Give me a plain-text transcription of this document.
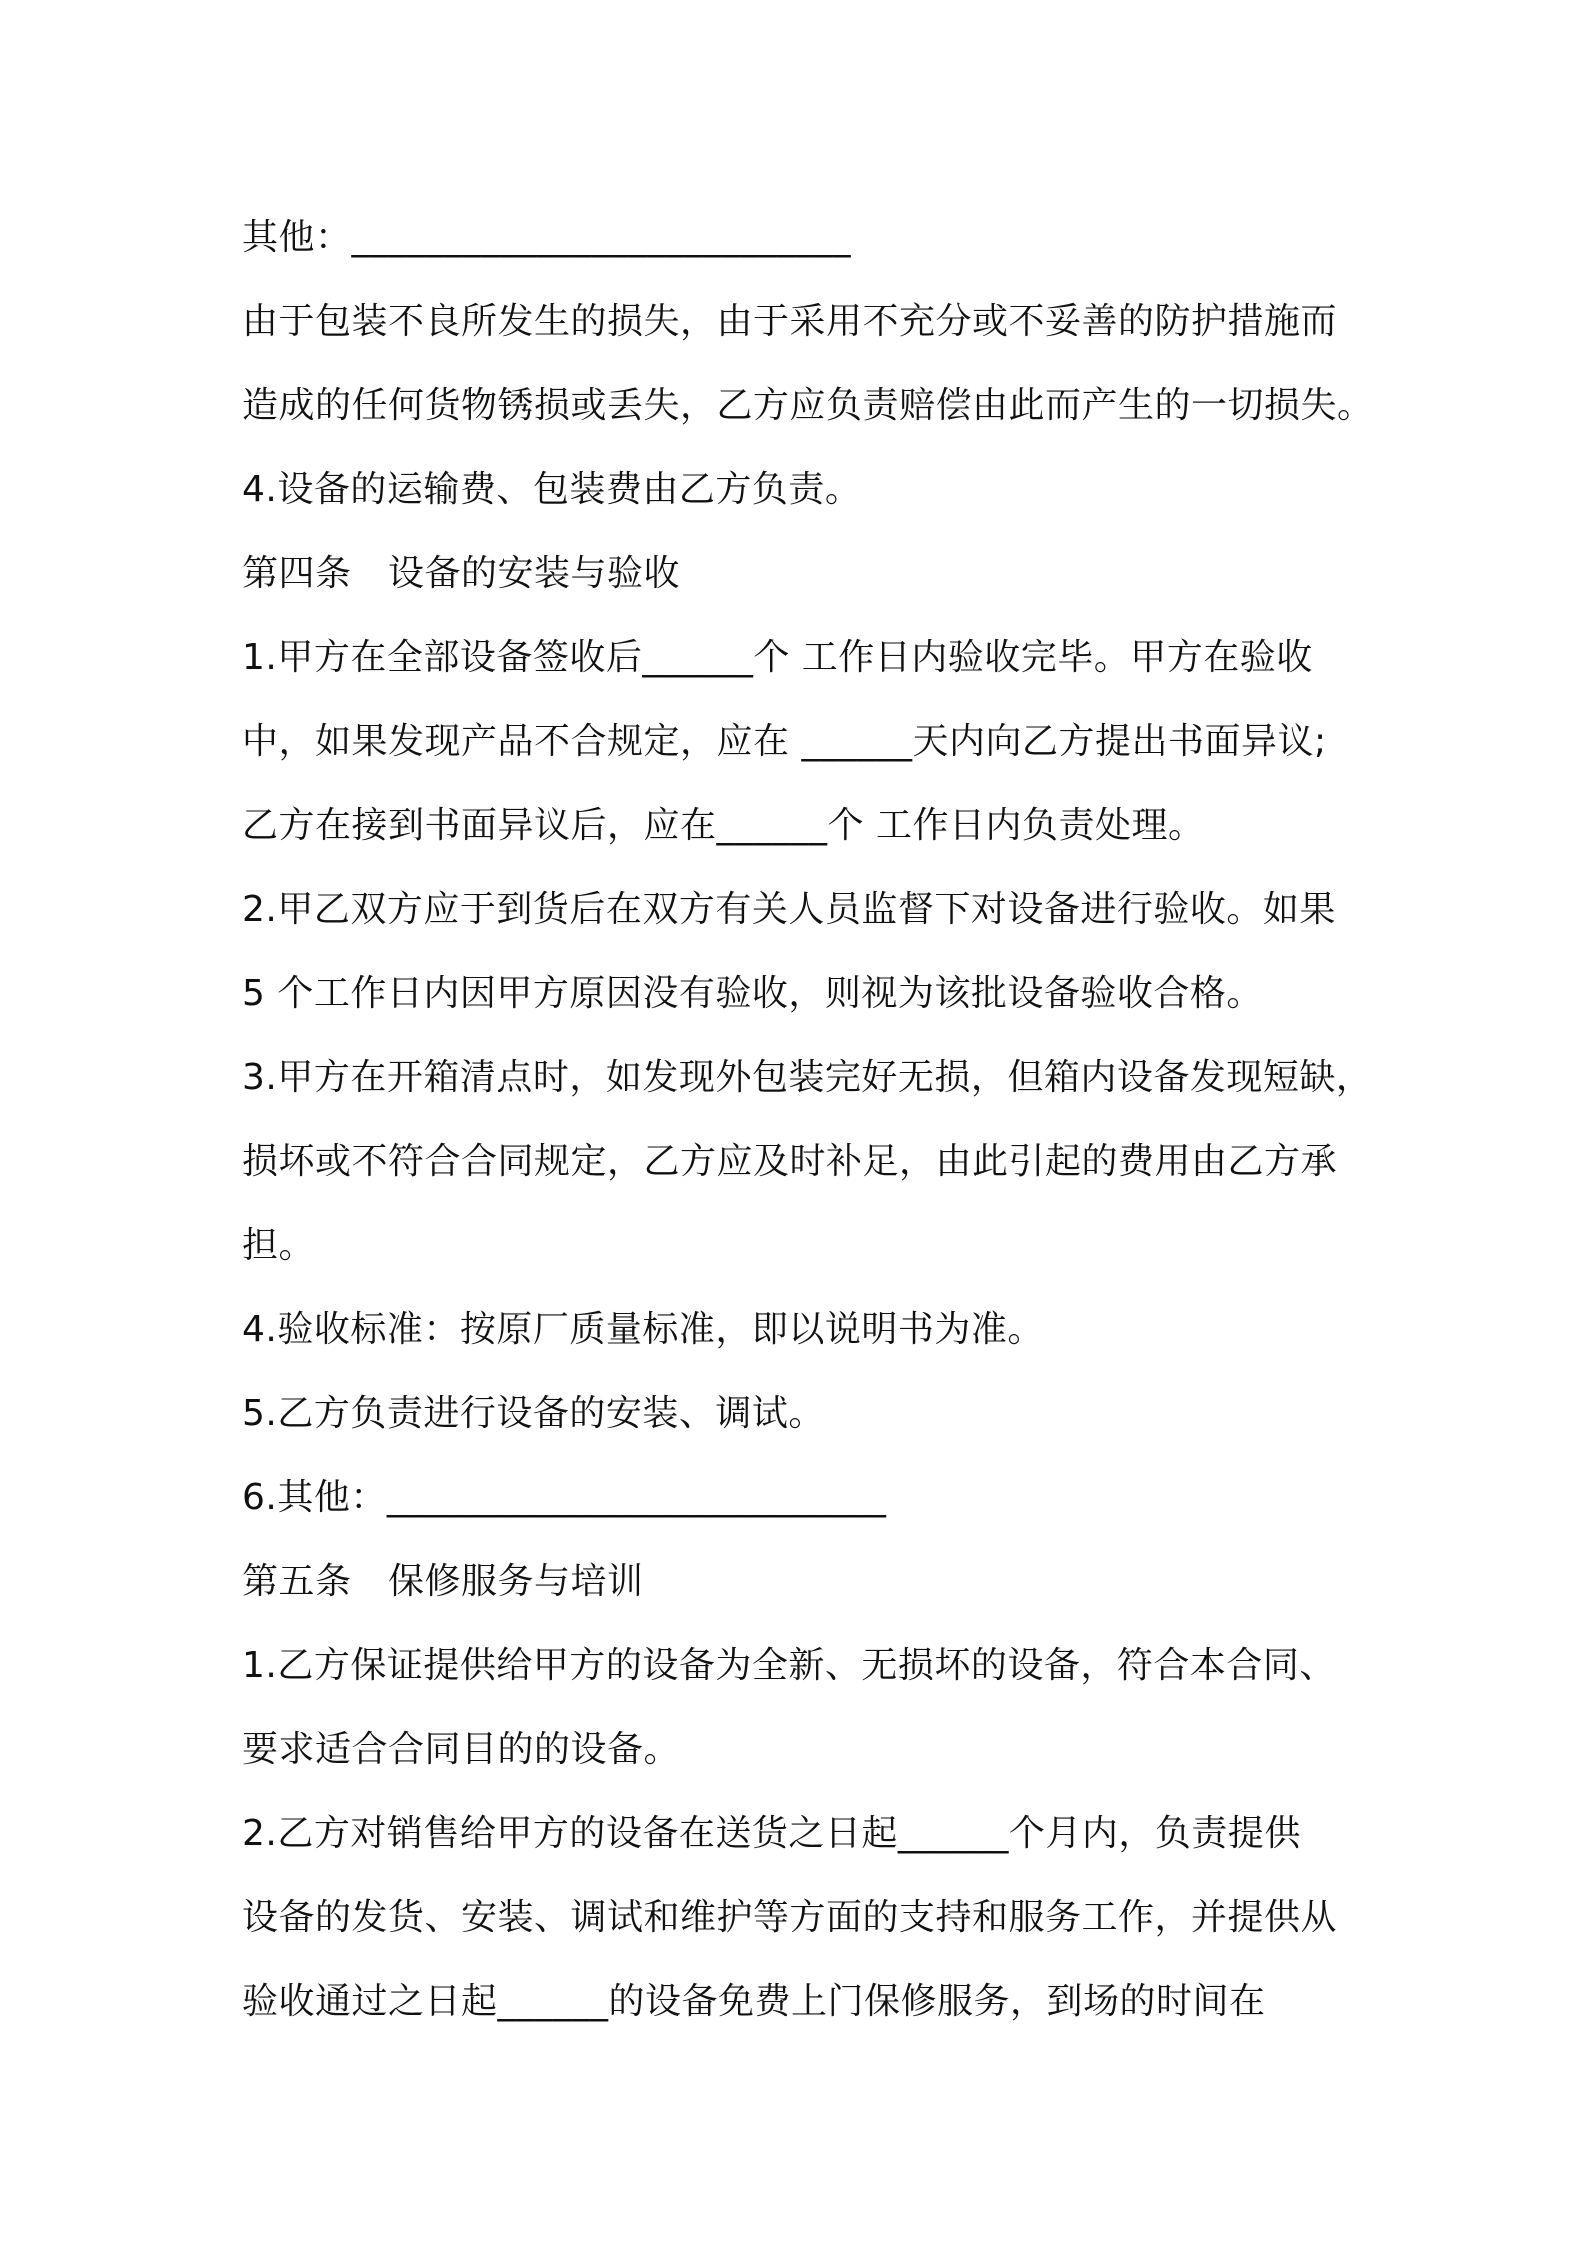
其他：___________________________
由于包装不良所发生的损失，由于采用不充分或不妥善的防护措施而
造成的任何货物锈损或丢失，乙方应负责赔偿由此而产生的一切损失。
4.设备的运输费、包装费由乙方负责。
第四条　设备的安装与验收
1.甲方在全部设备签收后______个 工作日内验收完毕。甲方在验收
中，如果发现产品不合规定，应在 ______天内向乙方提出书面异议;
乙方在接到书面异议后，应在______个 工作日内负责处理。
2.甲乙双方应于到货后在双方有关人员监督下对设备进行验收。如果
5 个工作日内因甲方原因没有验收，则视为该批设备验收合格。
3.甲方在开箱清点时，如发现外包装完好无损，但箱内设备发现短缺，
损坏或不符合合同规定，乙方应及时补足，由此引起的费用由乙方承
担。
4.验收标准：按原厂质量标准，即以说明书为准。
5.乙方负责进行设备的安装、调试。
6.其他：___________________________
第五条　保修服务与培训
1.乙方保证提供给甲方的设备为全新、无损坏的设备，符合本合同、
要求适合合同目的的设备。
2.乙方对销售给甲方的设备在送货之日起______个月内，负责提供
设备的发货、安装、调试和维护等方面的支持和服务工作，并提供从
验收通过之日起______的设备免费上门保修服务，到场的时间在
